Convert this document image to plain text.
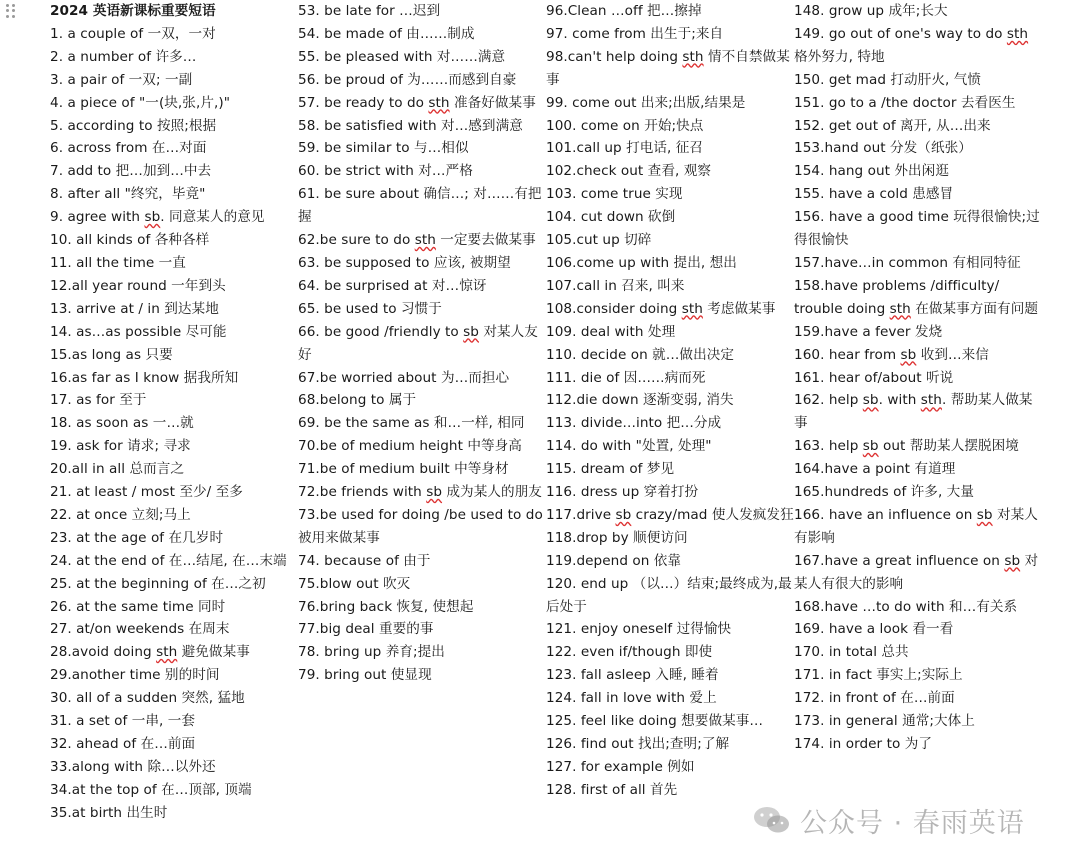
2024 英语新课标重要短语

1. a couple of 一双，一对

2. a number of 许多…

3. a pair of 一双; 一副

4. a piece of "一(块,张,片,)"

5. according to 按照;根据

6. across from 在…对面

7. add to 把…加到…中去

8. after all "终究，毕竟"

9. agree with sb. 同意某人的意见

10. all kinds of 各种各样

11. all the time 一直

12.all year round 一年到头

13. arrive at / in 到达某地

14. as…as possible 尽可能

15.as long as 只要

16.as far as I know 据我所知

17. as for 至于

18. as soon as 一…就

19. ask for 请求; 寻求

20.all in all 总而言之

21. at least / most 至少/ 至多

22. at once 立刻;马上

23. at the age of 在几岁时

24. at the end of 在…结尾, 在…末端

25. at the beginning of 在…之初

26. at the same time 同时

27. at/on weekends 在周末

28.avoid doing sth 避免做某事

29.another time 别的时间

30. all of a sudden 突然, 猛地

31. a set of 一串, 一套

32. ahead of 在…前面

33.along with 除…以外还

34.at the top of 在…顶部, 顶端

35.at birth 出生时

53. be late for …迟到

54. be made of 由……制成

55. be pleased with 对……满意

56. be proud of 为……而感到自豪

57. be ready to do sth 准备好做某事

58. be satisfied with 对…感到满意

59. be similar to 与…相似

60. be strict with 对…严格

61. be sure about 确信…; 对……有把握

62.be sure to do sth 一定要去做某事

63. be supposed to 应该, 被期望

64. be surprised at 对…惊讶

65. be used to 习惯于

66. be good /friendly to sb 对某人友好

67.be worried about 为…而担心

68.belong to 属于

69. be the same as 和…一样, 相同

70.be of medium height 中等身高

71.be of medium built 中等身材

72.be friends with sb 成为某人的朋友

73.be used for doing /be used to do 被用来做某事

74. because of 由于

75.blow out 吹灭

76.bring back 恢复, 使想起

77.big deal 重要的事

78. bring up 养育;提出

79. bring out 使显现

96.Clean …off 把…擦掉

97. come from 出生于;来自

98.can't help doing sth 情不自禁做某事

99. come out 出来;出版,结果是

100. come on 开始;快点

101.call up 打电话, 征召

102.check out 查看, 观察

103. come true 实现

104. cut down 砍倒

105.cut up 切碎

106.come up with 提出, 想出

107.call in 召来, 叫来

108.consider doing sth 考虑做某事

109. deal with 处理

110. decide on 就…做出决定

111. die of 因……病而死

112.die down 逐渐变弱, 消失

113. divide…into 把…分成

114. do with "处置, 处理"

115. dream of 梦见

116. dress up 穿着打扮

117.drive sb crazy/mad 使人发疯发狂

118.drop by 顺便访问

119.depend on 依靠

120. end up （以…）结束;最终成为,最后处于

121. enjoy oneself 过得愉快

122. even if/though 即使

123. fall asleep 入睡, 睡着

124. fall in love with 爱上

125. feel like doing 想要做某事…

126. find out 找出;查明;了解

127. for example 例如

128. first of all 首先

148. grow up 成年;长大

149. go out of one's way to do sth 格外努力, 特地

150. get mad 打动肝火, 气愤

151. go to a /the doctor 去看医生

152. get out of 离开, 从…出来

153.hand out 分发（纸张）

154. hang out 外出闲逛

155. have a cold 患感冒

156. have a good time 玩得很愉快;过得很愉快

157.have…in common 有相同特征

158.have problems /difficulty/ trouble doing sth 在做某事方面有问题

159.have a fever 发烧

160. hear from sb 收到…来信

161. hear of/about 听说

162. help sb. with sth. 帮助某人做某事

163. help sb out 帮助某人摆脱困境

164.have a point 有道理

165.hundreds of 许多, 大量

166. have an influence on sb 对某人有影响

167.have a great influence on sb 对某人有很大的影响

168.have …to do with 和…有关系

169. have a look 看一看

170. in total 总共

171. in fact 事实上;实际上

172. in front of 在…前面

173. in general 通常;大体上

174. in order to 为了

公众号 · 春雨英语
